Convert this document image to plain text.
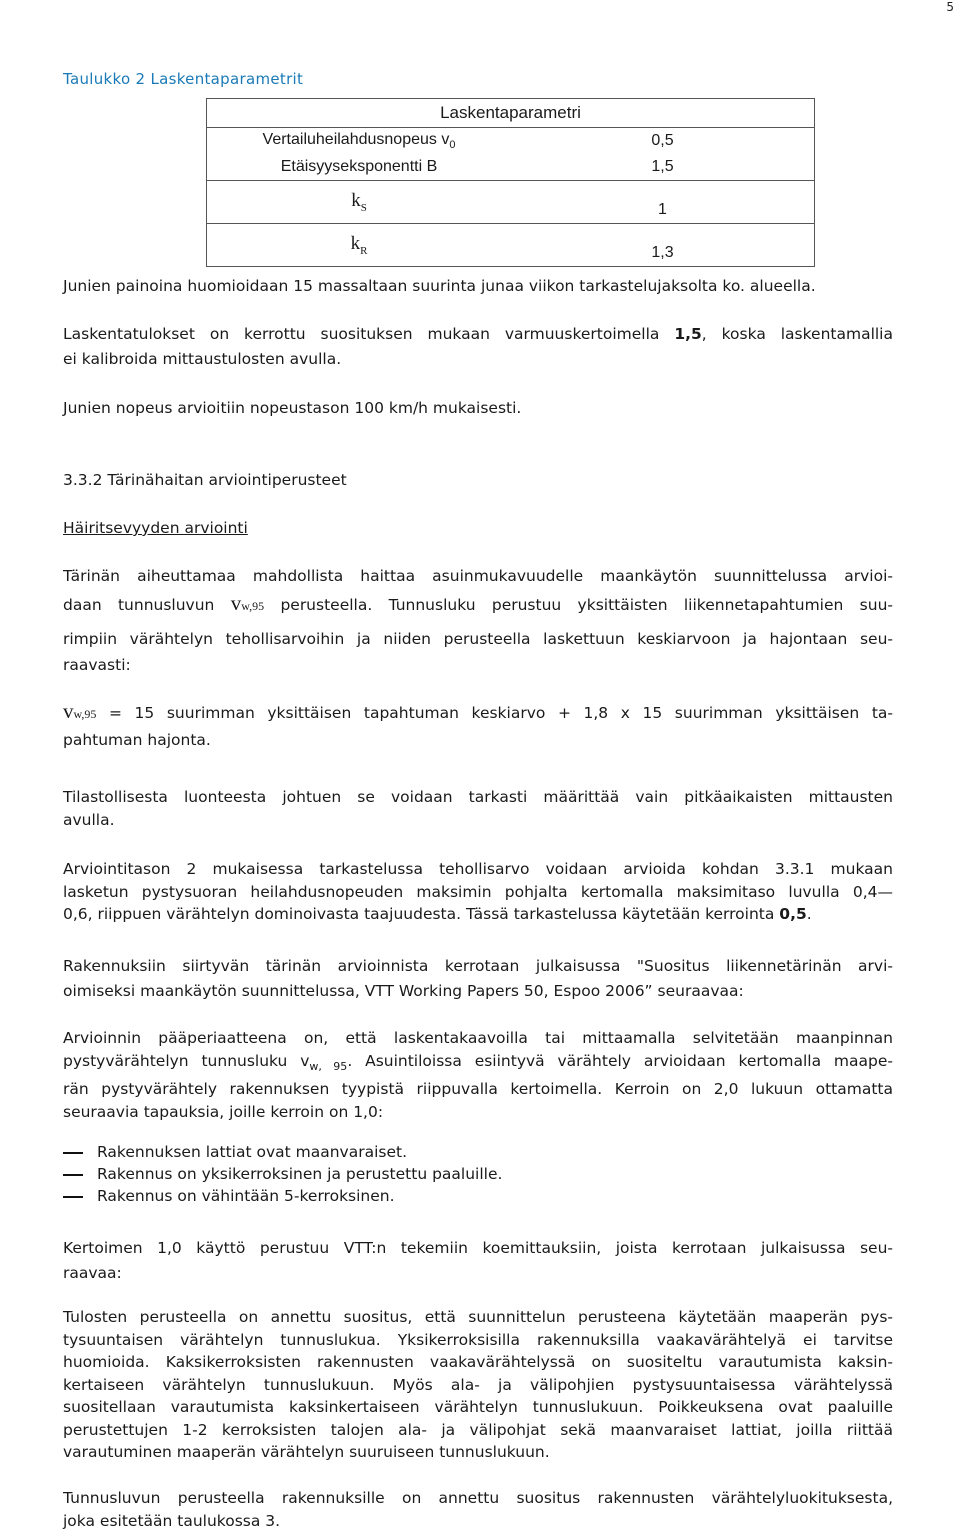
5
Taulukko 2 Laskentaparametrit
Laskentaparametri	
Vertailuheilahdusnopeus $v_0$	0,5
Etäisyyseksponentti B	1,5
$k_S$	1
$k_R$	1,3
Junien painoina huomioidaan 15 massaltaan suurinta junaa viikon tarkastelujaksolta ko. alueella.
Laskentatulokset on kerrottu suosituksen mukaan varmuuskertoimella 1,5, koska laskentamallia
ei kalibroida mittaustulosten avulla.
Junien nopeus arvioitiin nopeustason 100 km/h mukaisesti.
3.3.2 Tärinähaitan arviointiperusteet
Häiritsevyyden arviointi
Tärinän aiheuttamaa mahdollista haittaa asuinmukavuudelle maankäytön suunnittelussa arvioi-
daan tunnusluvun vw,95 perusteella. Tunnusluku perustuu yksittäisten liikennetapahtumien suu-
rimpiin värähtelyn tehollisarvoihin ja niiden perusteella laskettuun keskiarvoon ja hajontaan seu-
raavasti:
vw,95 = 15 suurimman yksittäisen tapahtuman keskiarvo + 1,8 x 15 suurimman yksittäisen ta-
pahtuman hajonta.
Tilastollisesta luonteesta johtuen se voidaan tarkasti määrittää vain pitkäaikaisten mittausten
avulla.
Arviointitason 2 mukaisessa tarkastelussa tehollisarvo voidaan arvioida kohdan 3.3.1 mukaan
lasketun pystysuoran heilahdusnopeuden maksimin pohjalta kertomalla maksimitaso luvulla 0,4—
0,6, riippuen värähtelyn dominoivasta taajuudesta. Tässä tarkastelussa käytetään kerrointa 0,5.
Rakennuksiin siirtyvän tärinän arvioinnista kerrotaan julkaisussa "Suositus liikennetärinän arvi-
oimiseksi maankäytön suunnittelussa, VTT Working Papers 50, Espoo 2006” seuraavaa:
Arvioinnin pääperiaatteena on, että laskentakaavoilla tai mittaamalla selvitetään maanpinnan
pystyvärähtelyn tunnusluku $v_{w, 95}$. Asuintiloissa esiintyvä värähtely arvioidaan kertomalla maape-
rän pystyvärähtely rakennuksen tyypistä riippuvalla kertoimella. Kerroin on 2,0 lukuun ottamatta
seuraavia tapauksia, joille kerroin on 1,0:
Rakennuksen lattiat ovat maanvaraiset.
Rakennus on yksikerroksinen ja perustettu paaluille.
Rakennus on vähintään 5-kerroksinen.
Kertoimen 1,0 käyttö perustuu VTT:n tekemiin koemittauksiin, joista kerrotaan julkaisussa seu-
raavaa:
Tulosten perusteella on annettu suositus, että suunnittelun perusteena käytetään maaperän pys-
tysuuntaisen värähtelyn tunnuslukua. Yksikerroksisilla rakennuksilla vaakavärähtelyä ei tarvitse
huomioida. Kaksikerroksisten rakennusten vaakavärähtelyssä on suositeltu varautumista kaksin-
kertaiseen värähtelyn tunnuslukuun. Myös ala- ja välipohjien pystysuuntaisessa värähtelyssä
suositellaan varautumista kaksinkertaiseen värähtelyn tunnuslukuun. Poikkeuksena ovat paaluille
perustettujen 1-2 kerroksisten talojen ala- ja välipohjat sekä maanvaraiset lattiat, joilla riittää
varautuminen maaperän värähtelyn suuruiseen tunnuslukuun.
Tunnusluvun perusteella rakennuksille on annettu suositus rakennusten värähtelyluokituksesta,
joka esitetään taulukossa 3.
